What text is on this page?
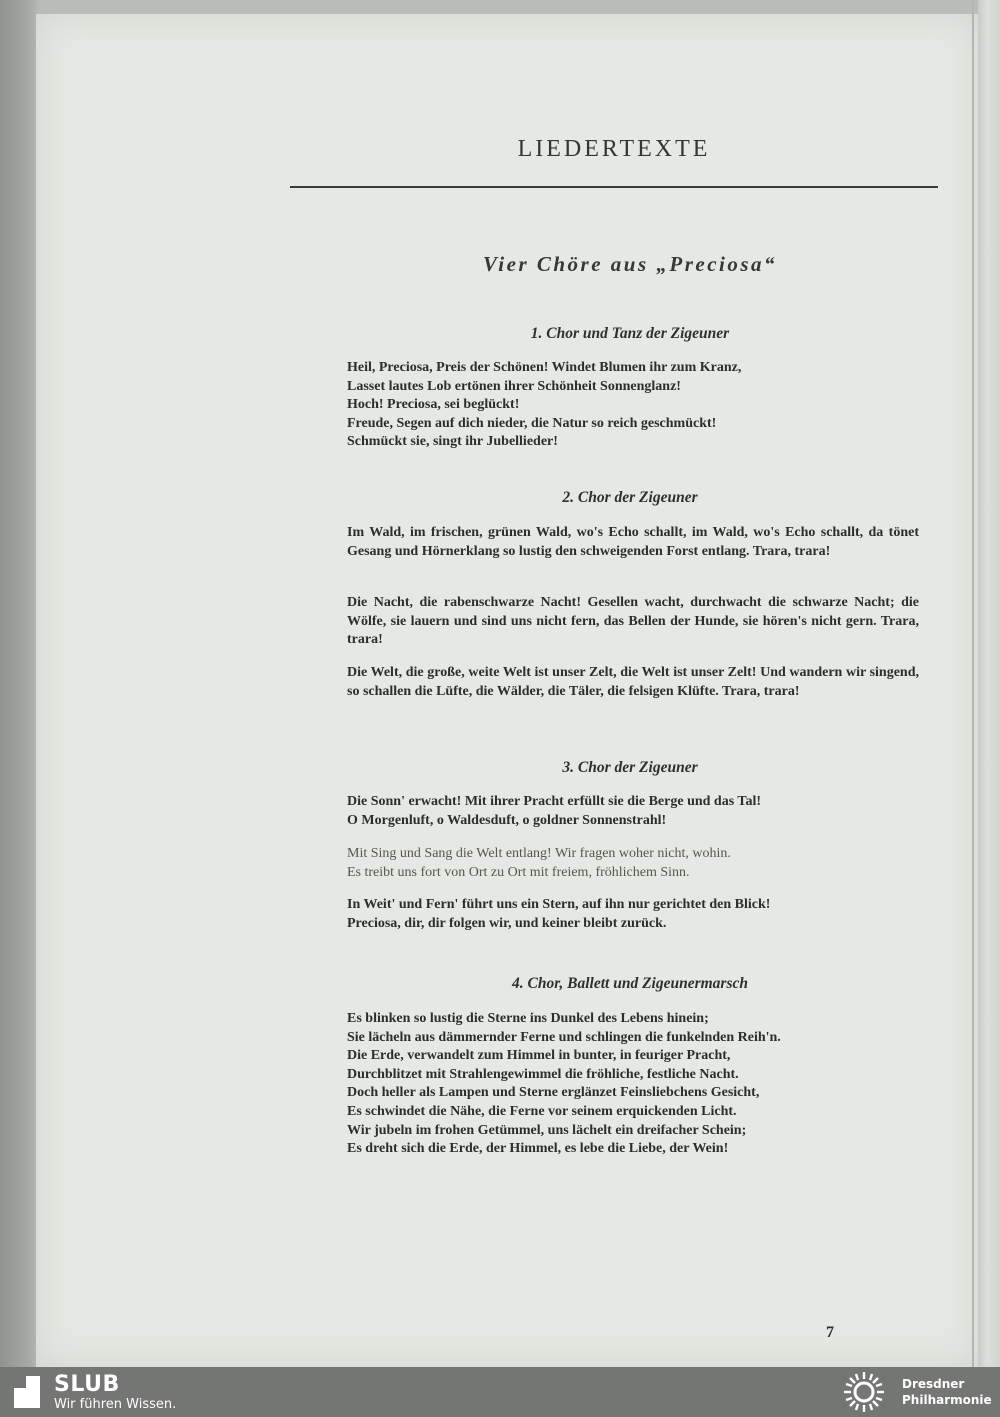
LIEDERTEXTE
Vier Chöre aus „Preciosa“
1. Chor und Tanz der Zigeuner

Heil, Preciosa, Preis der Schönen! Windet Blumen ihr zum Kranz,
Lasset lautes Lob ertönen ihrer Schönheit Sonnenglanz!
Hoch! Preciosa, sei beglückt!
Freude, Segen auf dich nieder, die Natur so reich geschmückt!
Schmückt sie, singt ihr Jubellieder!

2. Chor der Zigeuner

Im Wald, im frischen, grünen Wald, wo's Echo schallt, im Wald, wo's Echo schallt, da tönet Gesang und Hörnerklang so lustig den schweigenden Forst entlang. Trara, trara!

Die Nacht, die rabenschwarze Nacht! Gesellen wacht, durchwacht die schwarze Nacht; die Wölfe, sie lauern und sind uns nicht fern, das Bellen der Hunde, sie hören's nicht gern. Trara, trara!

Die Welt, die große, weite Welt ist unser Zelt, die Welt ist unser Zelt! Und wandern wir singend, so schallen die Lüfte, die Wälder, die Täler, die felsigen Klüfte. Trara, trara!

3. Chor der Zigeuner

Die Sonn' erwacht! Mit ihrer Pracht erfüllt sie die Berge und das Tal!
O Morgenluft, o Waldesduft, o goldner Sonnenstrahl!

Mit Sing und Sang die Welt entlang! Wir fragen woher nicht, wohin.
Es treibt uns fort von Ort zu Ort mit freiem, fröhlichem Sinn.

In Weit' und Fern' führt uns ein Stern, auf ihn nur gerichtet den Blick!
Preciosa, dir, dir folgen wir, und keiner bleibt zurück.

4. Chor, Ballett und Zigeunermarsch

Es blinken so lustig die Sterne ins Dunkel des Lebens hinein;
Sie lächeln aus dämmernder Ferne und schlingen die funkelnden Reih'n.
Die Erde, verwandelt zum Himmel in bunter, in feuriger Pracht,
Durchblitzet mit Strahlengewimmel die fröhliche, festliche Nacht.
Doch heller als Lampen und Sterne erglänzet Feinsliebchens Gesicht,
Es schwindet die Nähe, die Ferne vor seinem erquickenden Licht.
Wir jubeln im frohen Getümmel, uns lächelt ein dreifacher Schein;
Es dreht sich die Erde, der Himmel, es lebe die Liebe, der Wein!

7
SLUB
Wir führen Wissen.
Dresdner
Philharmonie
